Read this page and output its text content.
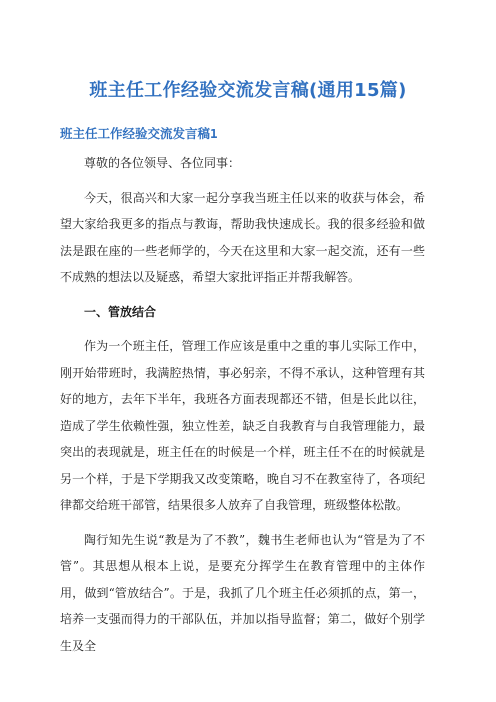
班主任工作经验交流发言稿(通用15篇)
班主任工作经验交流发言稿1

尊敬的各位领导、各位同事：

今天，很高兴和大家一起分享我当班主任以来的收获与体会，希望大家给我更多的指点与教诲，帮助我快速成长。我的很多经验和做法是跟在座的一些老师学的，今天在这里和大家一起交流，还有一些不成熟的想法以及疑惑，希望大家批评指正并帮我解答。

一、管放结合

作为一个班主任，管理工作应该是重中之重的事儿实际工作中，刚开始带班时，我满腔热情，事必躬亲，不得不承认，这种管理有其好的地方，去年下半年，我班各方面表现都还不错，但是长此以往，造成了学生依赖性强，独立性差，缺乏自我教育与自我管理能力，最突出的表现就是，班主任在的时候是一个样，班主任不在的时候就是另一个样，于是下学期我又改变策略，晚自习不在教室待了，各项纪律都交给班干部管，结果很多人放弃了自我管理，班级整体松散。

陶行知先生说“教是为了不教”，魏书生老师也认为“管是为了不管”。其思想从根本上说，是要充分挥学生在教育管理中的主体作用，做到“管放结合”。于是，我抓了几个班主任必须抓的点，第一，培养一支强而得力的干部队伍，并加以指导监督；第二，做好个别学生及全
